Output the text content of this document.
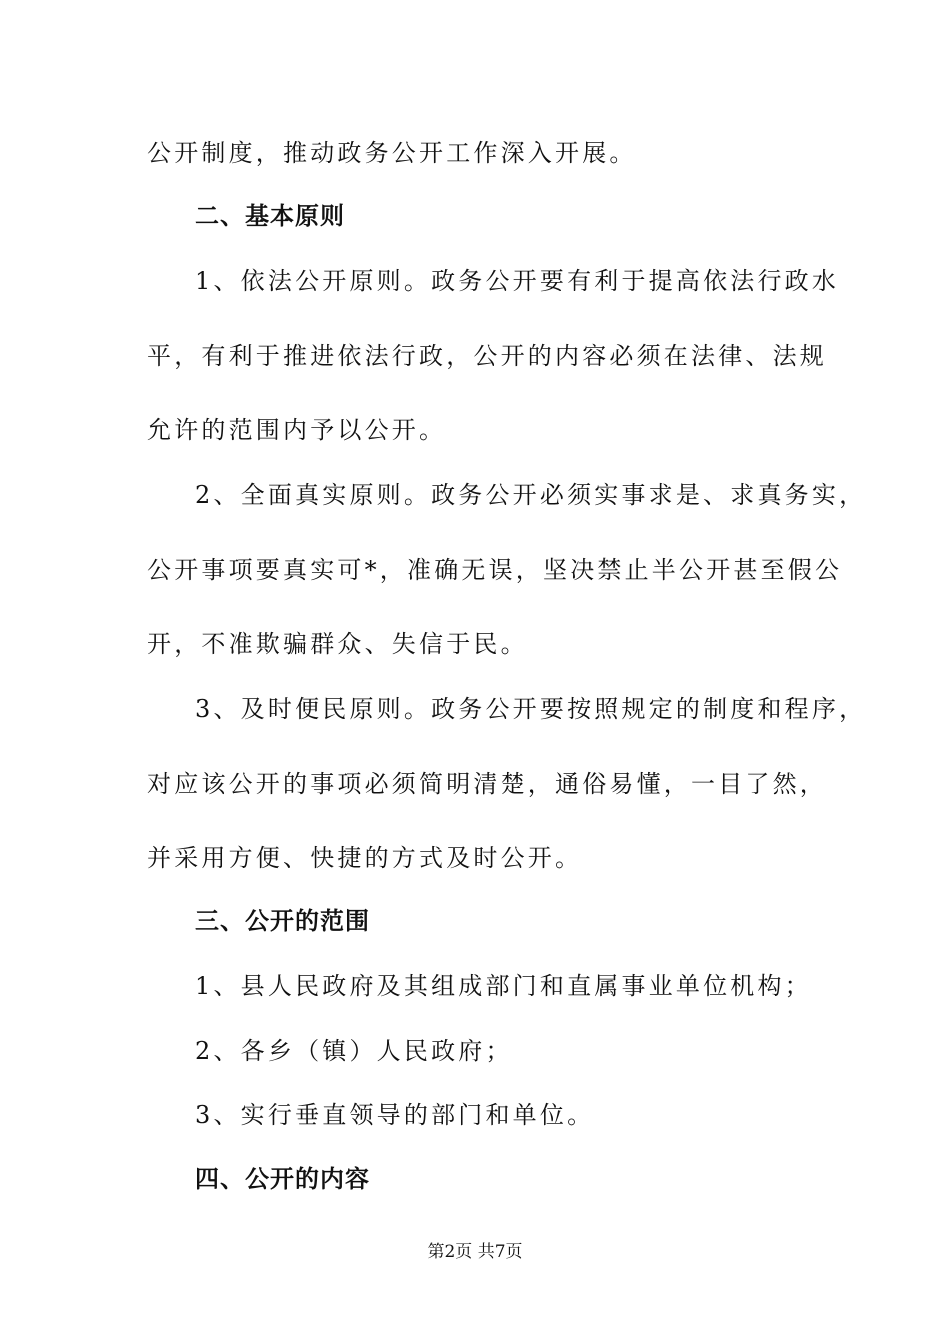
公开制度，推动政务公开工作深入开展。
二、基本原则
1、依法公开原则。政务公开要有利于提高依法行政水
平，有利于推进依法行政，公开的内容必须在法律、法规
允许的范围内予以公开。
2、全面真实原则。政务公开必须实事求是、求真务实，
公开事项要真实可*，准确无误，坚决禁止半公开甚至假公
开，不准欺骗群众、失信于民。
3、及时便民原则。政务公开要按照规定的制度和程序，
对应该公开的事项必须简明清楚，通俗易懂，一目了然，
并采用方便、快捷的方式及时公开。
三、公开的范围
1、县人民政府及其组成部门和直属事业单位机构；
2、各乡（镇）人民政府；
3、实行垂直领导的部门和单位。
四、公开的内容
第2页 共7页
